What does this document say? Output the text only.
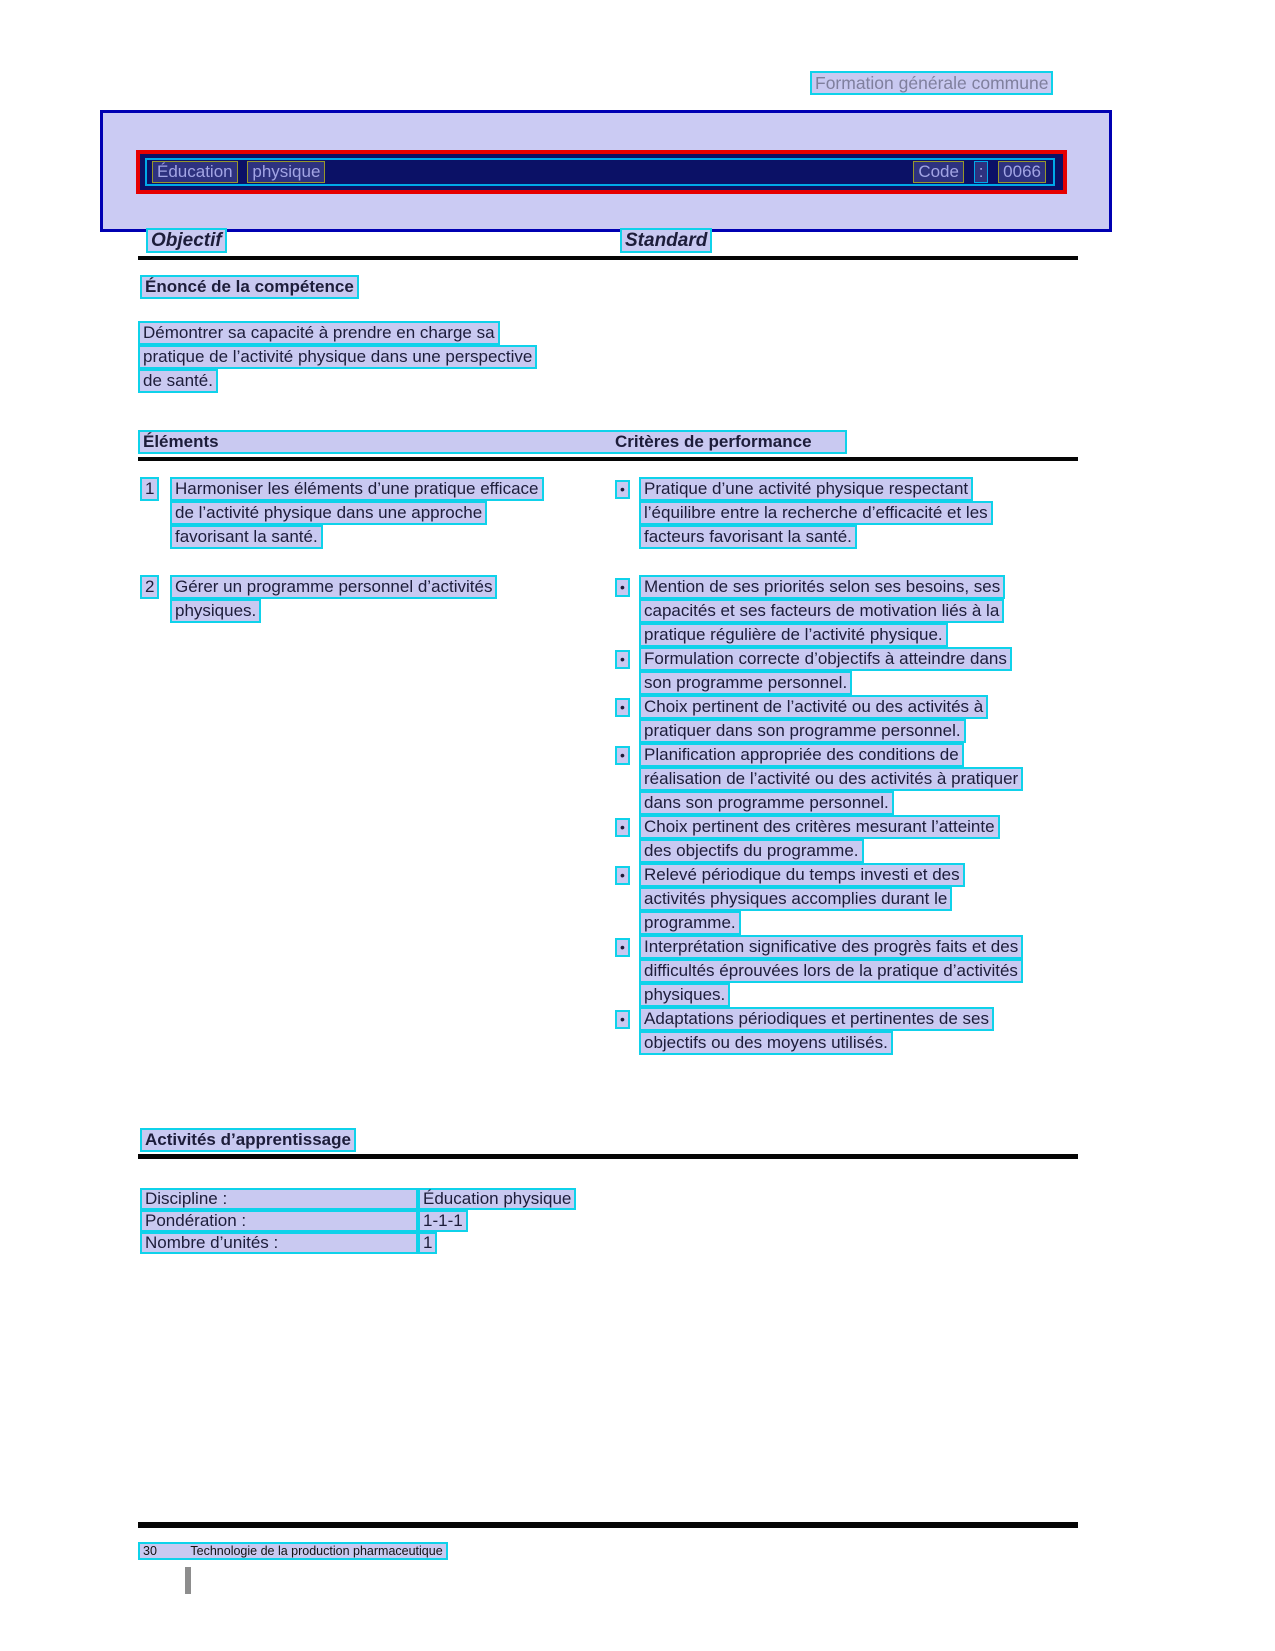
Formation générale commune
Éducation physique	Code : 0066
Objectif	Standard
Énoncé de la compétence
Démontrer sa capacité à prendre en charge sa
pratique de l’activité physique dans une perspective
de santé.
Éléments	Critères de performance
1 Harmoniser les éléments d’une pratique efficace
de l’activité physique dans une approche
favorisant la santé.
•	Pratique d’une activité physique respectant
l’équilibre entre la recherche d’efficacité et les
facteurs favorisant la santé.
2 Gérer un programme personnel d’activités
physiques.
•	Mention de ses priorités selon ses besoins, ses
capacités et ses facteurs de motivation liés à la
pratique régulière de l’activité physique.
•	Formulation correcte d’objectifs à atteindre dans
son programme personnel.
•	Choix pertinent de l’activité ou des activités à
pratiquer dans son programme personnel.
•	Planification appropriée des conditions de
réalisation de l’activité ou des activités à pratiquer
dans son programme personnel.
•	Choix pertinent des critères mesurant l’atteinte
des objectifs du programme.
•	Relevé périodique du temps investi et des
activités physiques accomplies durant le
programme.
•	Interprétation significative des progrès faits et des
difficultés éprouvées lors de la pratique d’activités
physiques.
•	Adaptations périodiques et pertinentes de ses
objectifs ou des moyens utilisés.
Activités d’apprentissage
Discipline :	Éducation physique
Pondération :	1-1-1
Nombre d’unités :	1
30	Technologie de la production pharmaceutique
